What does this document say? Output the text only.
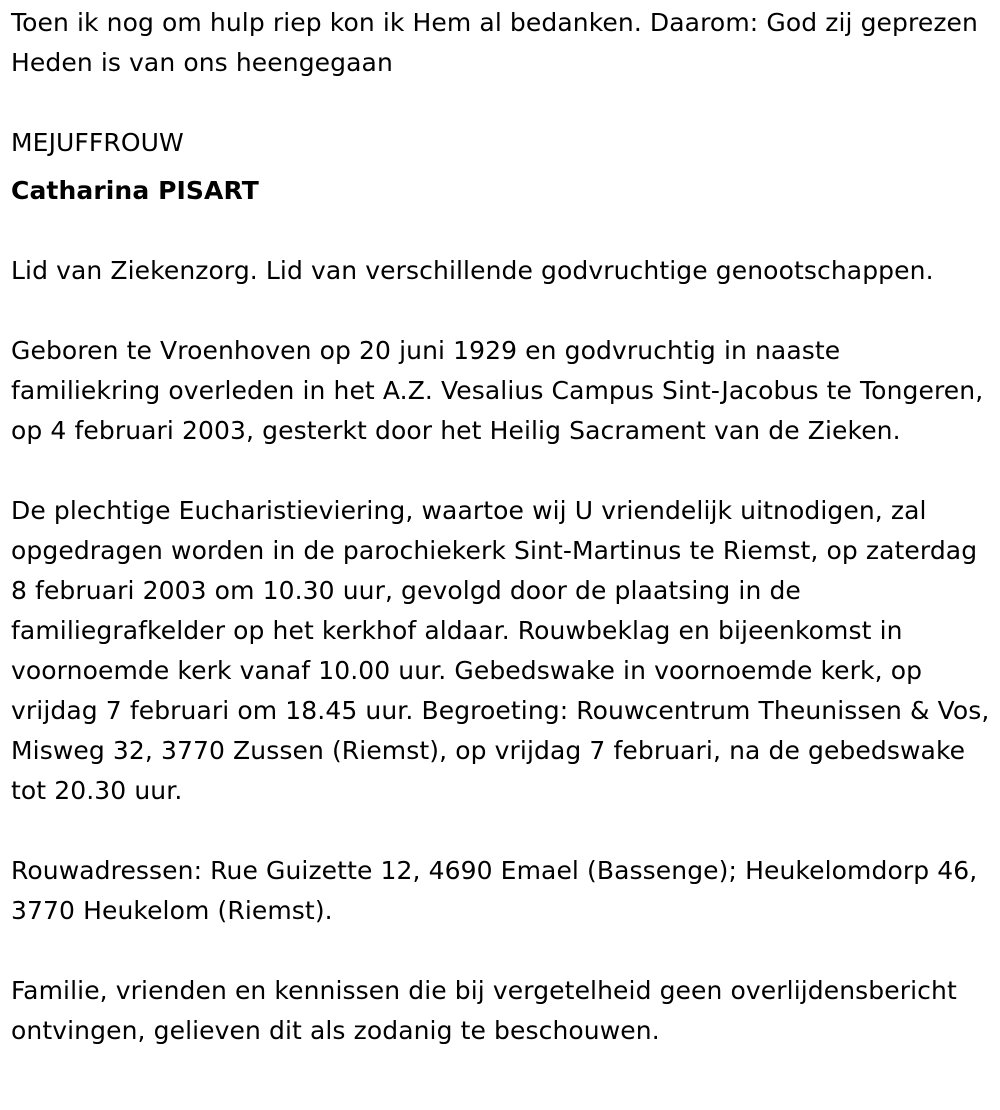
Toen ik nog om hulp riep kon ik Hem al bedanken. Daarom: God zij geprezen Heden is van ons heengegaan

MEJUFFROUW

Catharina PISART

Lid van Ziekenzorg. Lid van verschillende godvruchtige genootschappen.

Geboren te Vroenhoven op 20 juni 1929 en godvruchtig in naaste familiekring overleden in het A.Z. Vesalius Campus Sint-Jacobus te Tongeren, op 4 februari 2003, gesterkt door het Heilig Sacrament van de Zieken.

De plechtige Eucharistieviering, waartoe wij U vriendelijk uitnodigen, zal opgedragen worden in de parochiekerk Sint-Martinus te Riemst, op zaterdag 8 februari 2003 om 10.30 uur, gevolgd door de plaatsing in de familiegrafkelder op het kerkhof aldaar. Rouwbeklag en bijeenkomst in voornoemde kerk vanaf 10.00 uur. Gebedswake in voornoemde kerk, op vrijdag 7 februari om 18.45 uur. Begroeting: Rouwcentrum Theunissen & Vos, Misweg 32, 3770 Zussen (Riemst), op vrijdag 7 februari, na de gebedswake tot 20.30 uur.

Rouwadressen: Rue Guizette 12, 4690 Emael (Bassenge); Heukelomdorp 46, 3770 Heukelom (Riemst).

Familie, vrienden en kennissen die bij vergetelheid geen overlijdensbericht ontvingen, gelieven dit als zodanig te beschouwen.
